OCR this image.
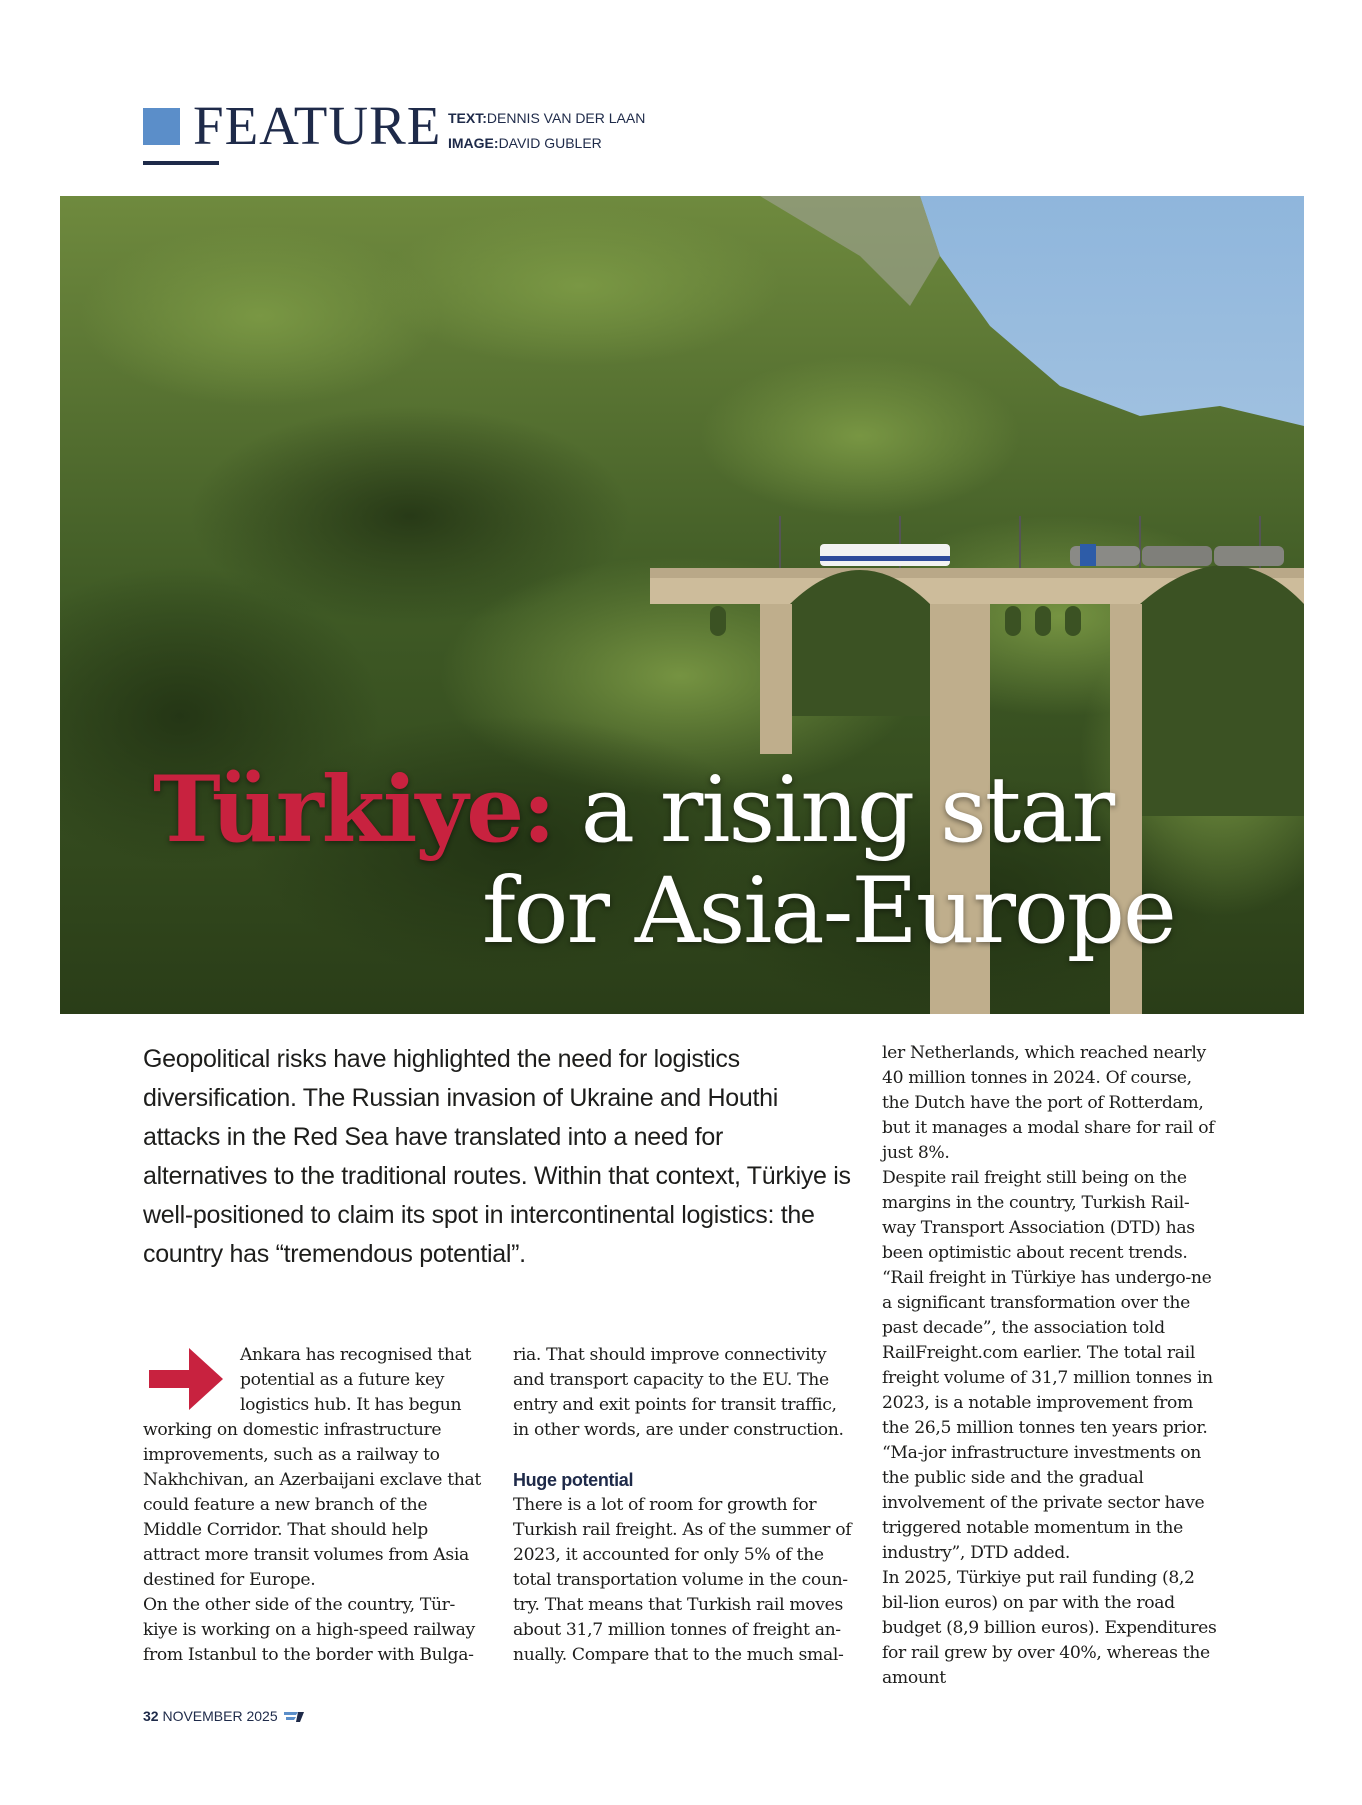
FEATURE TEXT:DENNIS VAN DER LAAN
IMAGE:DAVID GUBLER
Türkiye: a rising star
for Asia-Europe

Geopolitical risks have highlighted the need for logistics diversification. The Russian invasion of Ukraine and Houthi attacks in the Red Sea have translated into a need for alternatives to the traditional routes. Within that context, Türkiye is well-positioned to claim its spot in intercontinental logistics: the country has “tremendous potential”.

Ankara has recognised that
potential as a future key
logistics hub. It has begun
working on domestic infrastructure improvements, such as a railway to Nakhchivan, an Azerbaijani exclave that could feature a new branch of the Middle Corridor. That should help attract more transit volumes from Asia destined for Europe.

On the other side of the country, Tür-kiye is working on a high-speed railway from Istanbul to the border with Bulga-

ria. That should improve connectivity and transport capacity to the EU. The entry and exit points for transit traffic, in other words, are under construction.

Huge potential

There is a lot of room for growth for Turkish rail freight. As of the summer of 2023, it accounted for only 5% of the total transportation volume in the coun-try. That means that Turkish rail moves about 31,7 million tonnes of freight an-nually. Compare that to the much smal-

ler Netherlands, which reached nearly 40 million tonnes in 2024. Of course, the Dutch have the port of Rotterdam, but it manages a modal share for rail of just 8%.

Despite rail freight still being on the margins in the country, Turkish Rail-way Transport Association (DTD) has been optimistic about recent trends. “Rail freight in Türkiye has undergo-ne a significant transformation over the past decade”, the association told RailFreight.com earlier. The total rail freight volume of 31,7 million tonnes in 2023, is a notable improvement from the 26,5 million tonnes ten years prior. “Ma-jor infrastructure investments on the public side and the gradual involvement of the private sector have triggered notable momentum in the industry”, DTD added.

In 2025, Türkiye put rail funding (8,2 bil-lion euros) on par with the road budget (8,9 billion euros). Expenditures for rail grew by over 40%, whereas the amount

32 NOVEMBER 2025
